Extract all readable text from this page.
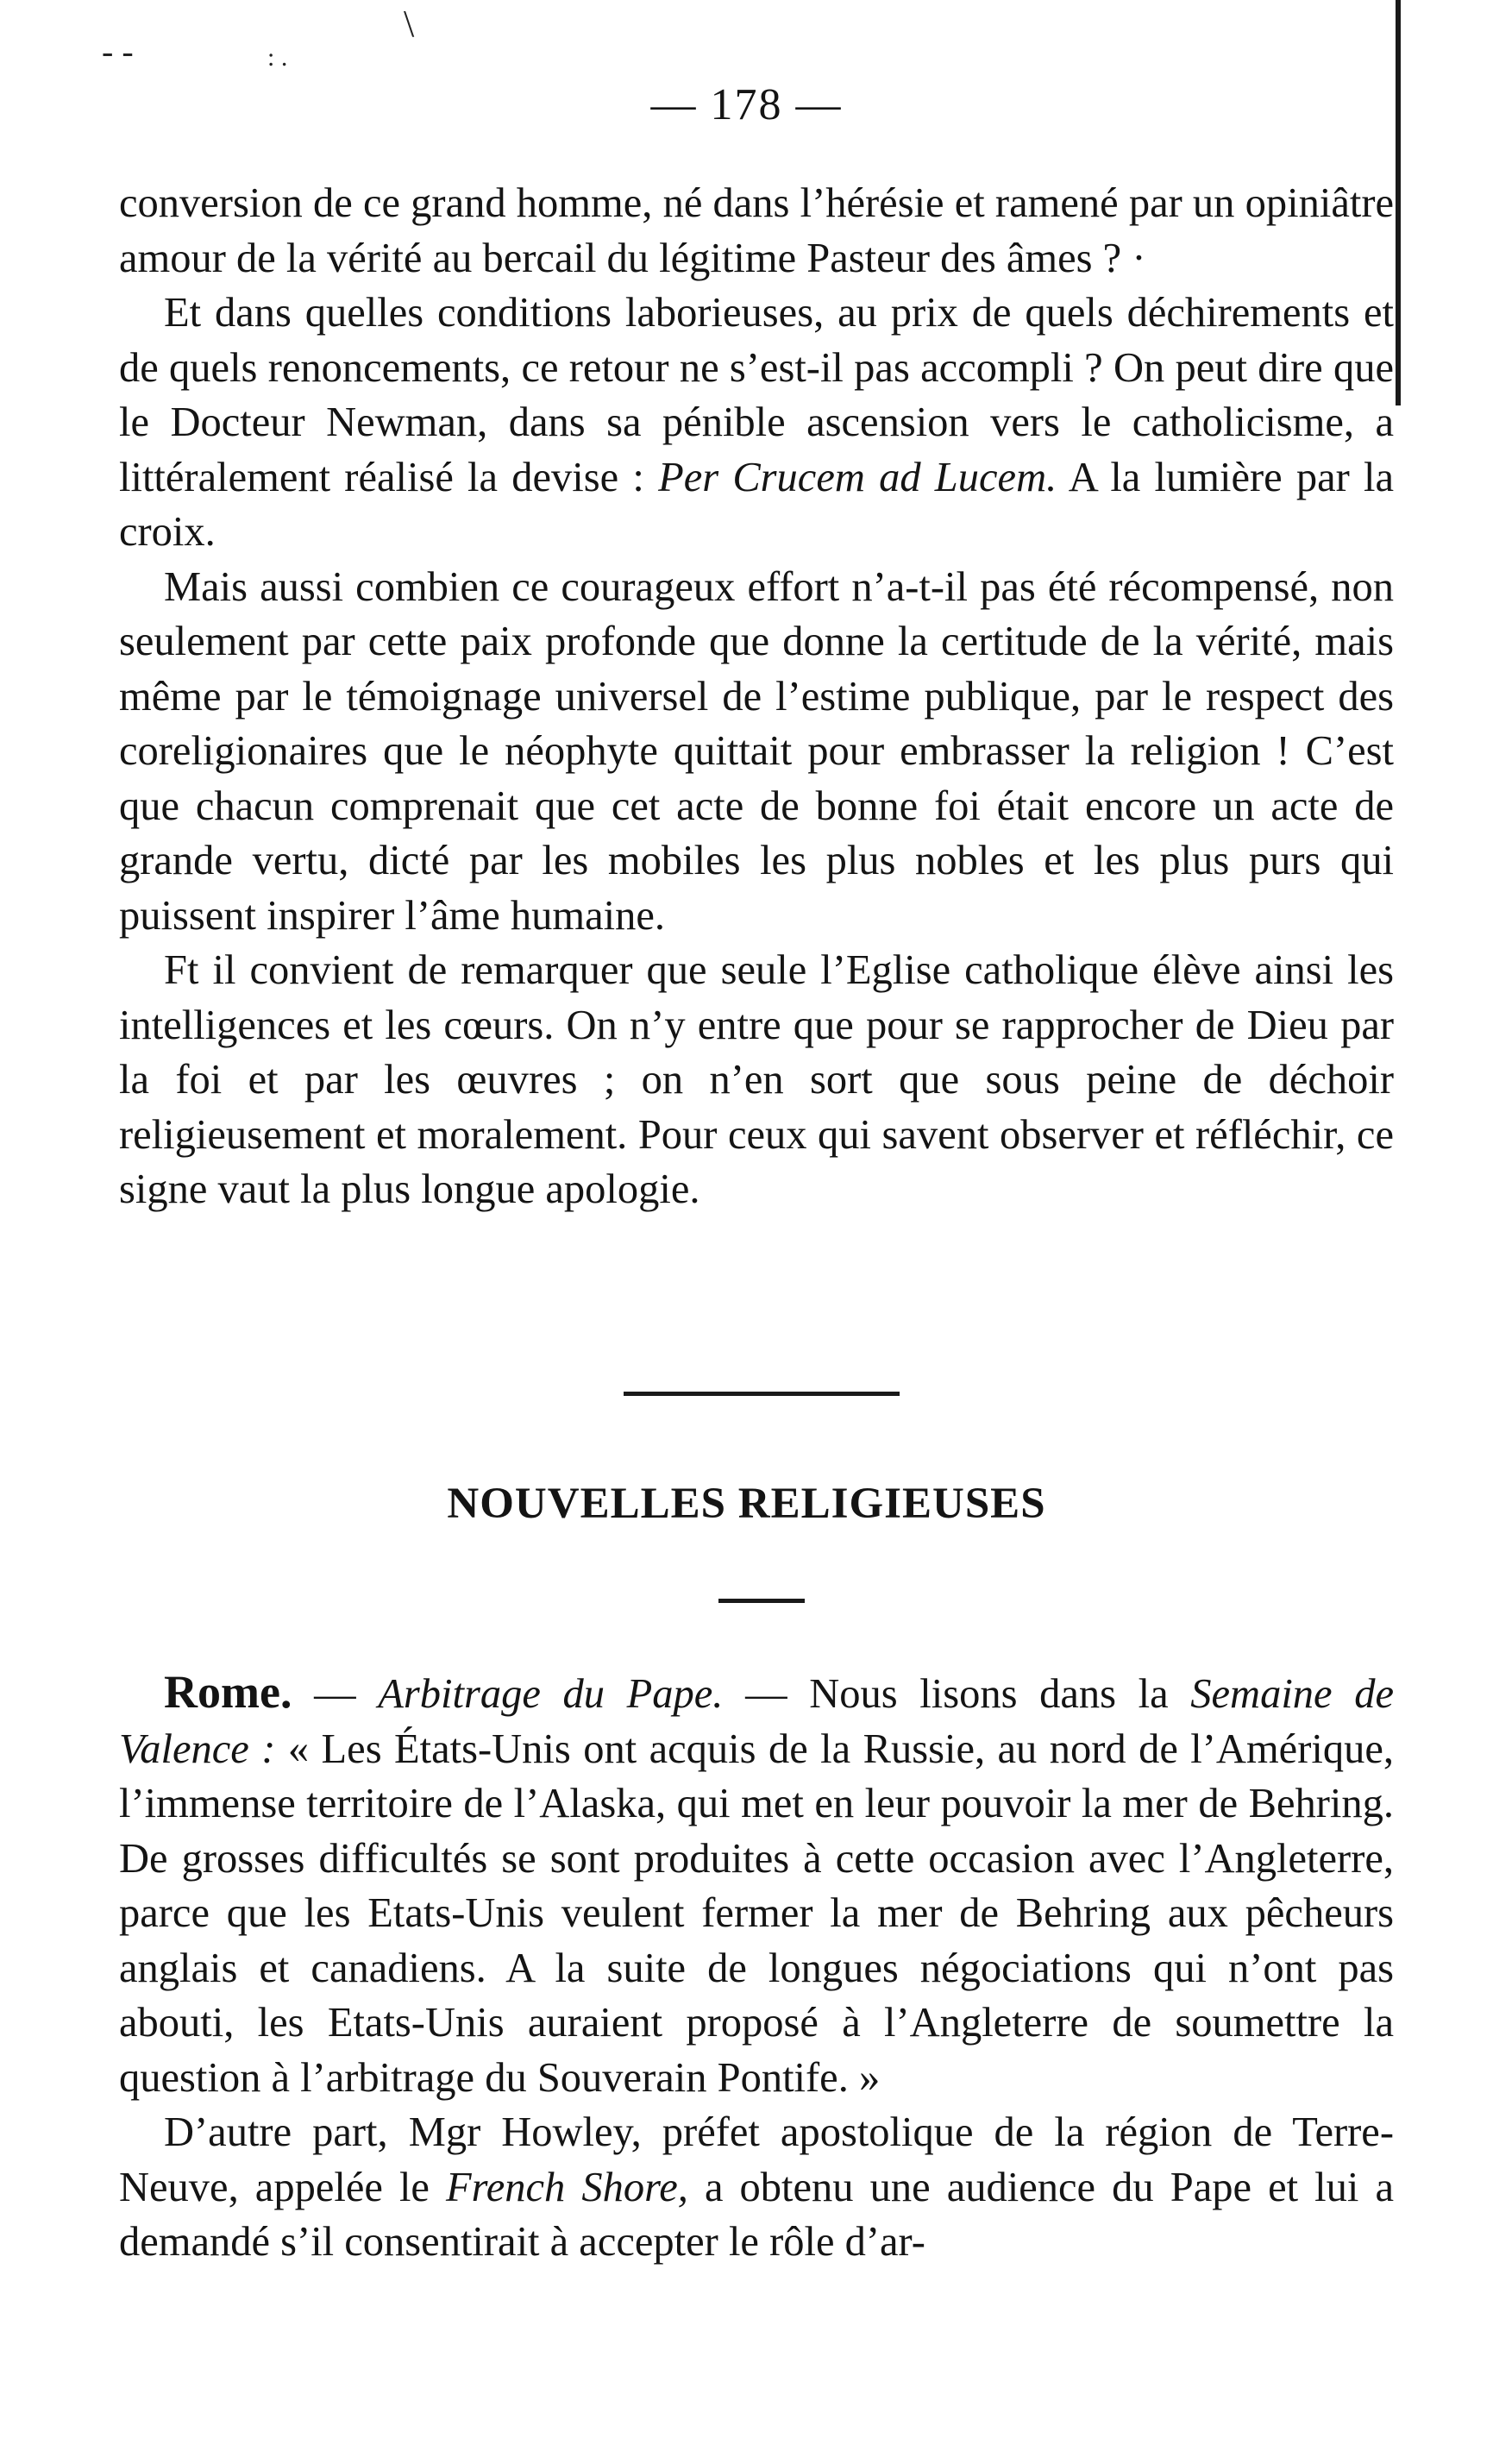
‐ ‐	: .
\
— 178 —

conversion de ce grand homme, né dans l’hérésie et ramené par un opiniâtre amour de la vérité au bercail du légitime Pasteur des âmes ? ·

Et dans quelles conditions laborieuses, au prix de quels déchirements et de quels renoncements, ce retour ne s’est-il pas accompli ? On peut dire que le Docteur Newman, dans sa pénible ascension vers le catholicisme, a littéralement réalisé la devise : Per Crucem ad Lucem. A la lumière par la croix.

Mais aussi combien ce courageux effort n’a-t-il pas été récompensé, non seulement par cette paix profonde que donne la certitude de la vérité, mais même par le témoignage universel de l’estime publique, par le respect des coreligionaires que le néophyte quittait pour embrasser la religion ! C’est que chacun comprenait que cet acte de bonne foi était encore un acte de grande vertu, dicté par les mobiles les plus nobles et les plus purs qui puissent inspirer l’âme humaine.

Ft il convient de remarquer que seule l’Eglise catholique élève ainsi les intelligences et les cœurs. On n’y entre que pour se rapprocher de Dieu par la foi et par les œuvres ; on n’en sort que sous peine de déchoir religieusement et moralement. Pour ceux qui savent observer et réfléchir, ce signe vaut la plus longue apologie.

NOUVELLES RELIGIEUSES

Rome. — Arbitrage du Pape. — Nous lisons dans la Semaine de Valence : « Les États-Unis ont acquis de la Russie, au nord de l’Amérique, l’immense territoire de l’Alaska, qui met en leur pouvoir la mer de Behring. De grosses difficultés se sont produites à cette occasion avec l’Angleterre, parce que les Etats-Unis veulent fermer la mer de Behring aux pêcheurs anglais et canadiens. A la suite de longues négociations qui n’ont pas abouti, les Etats-Unis auraient proposé à l’Angleterre de soumettre la question à l’arbitrage du Souverain Pontife. »

D’autre part, Mgr Howley, préfet apostolique de la région de Terre-Neuve, appelée le French Shore, a obtenu une audience du Pape et lui a demandé s’il consentirait à accepter le rôle d’ar-
